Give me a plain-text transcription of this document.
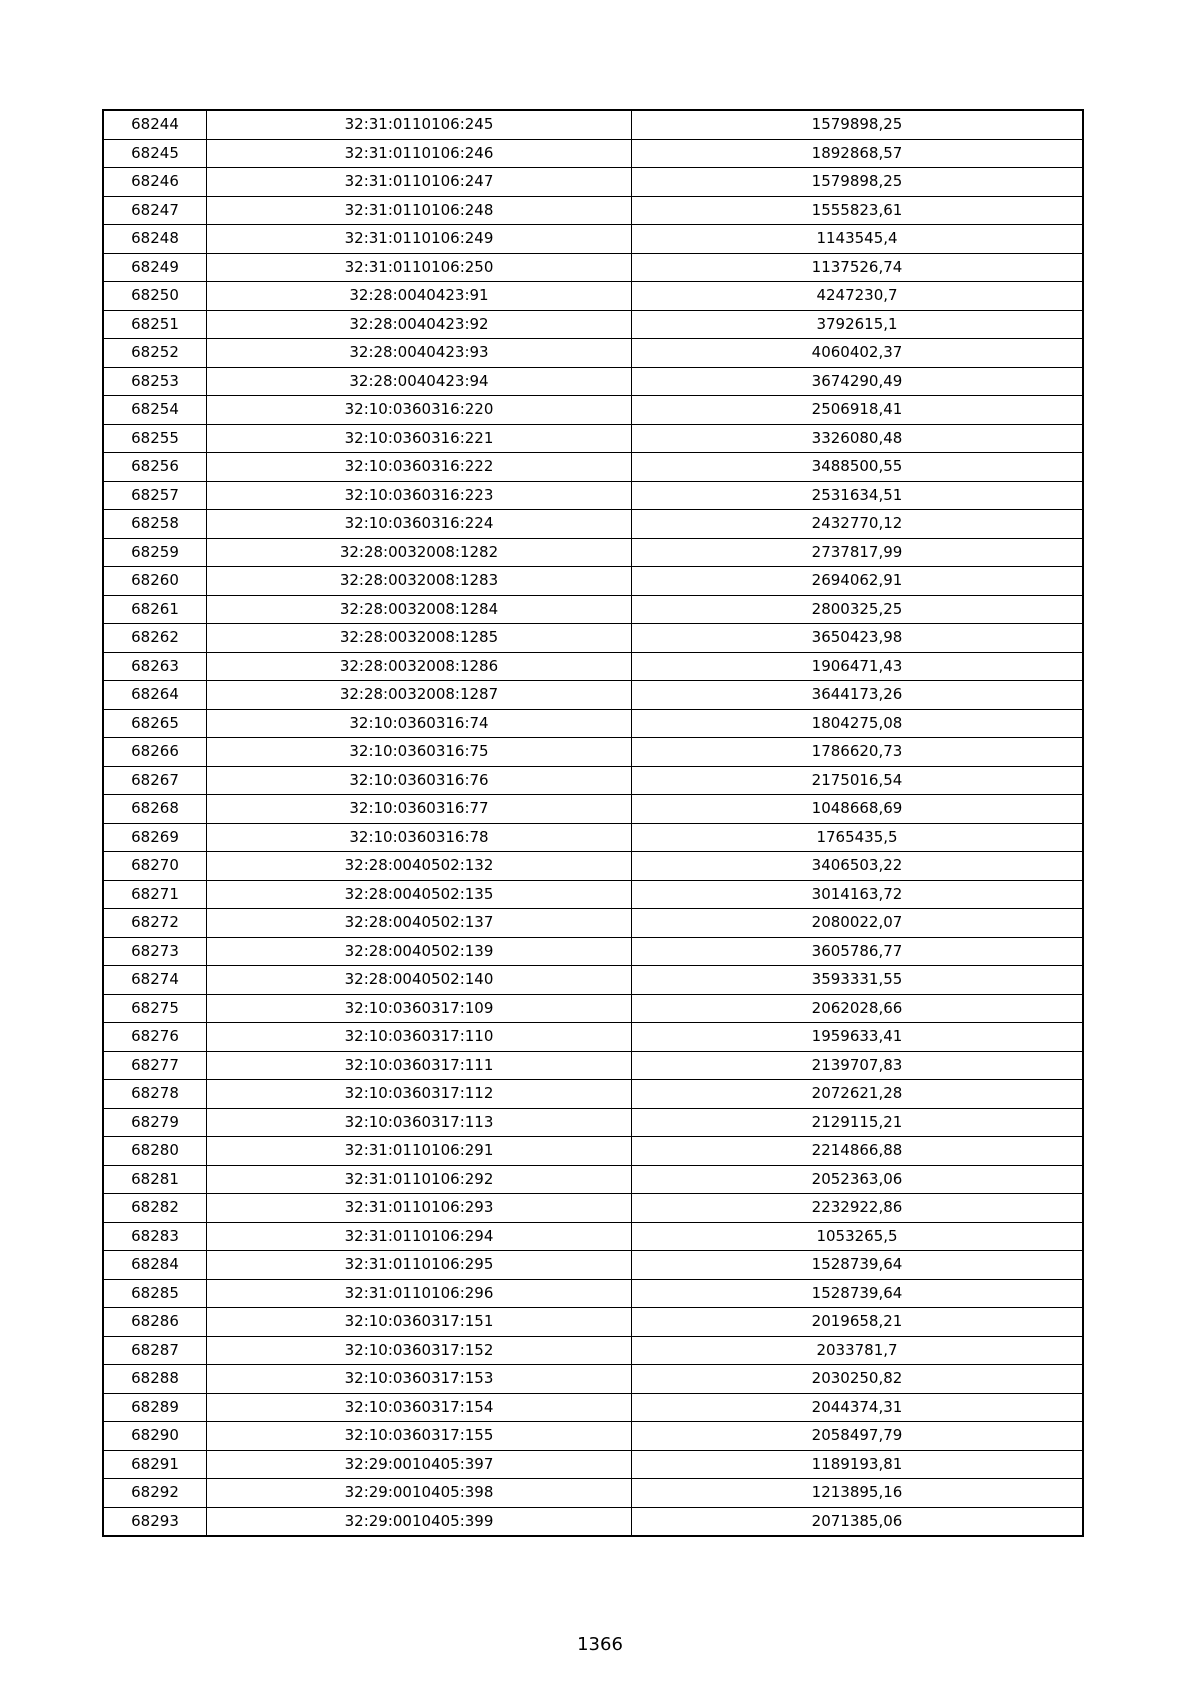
68244	32:31:0110106:245	1579898,25
68245	32:31:0110106:246	1892868,57
68246	32:31:0110106:247	1579898,25
68247	32:31:0110106:248	1555823,61
68248	32:31:0110106:249	1143545,4
68249	32:31:0110106:250	1137526,74
68250	32:28:0040423:91	4247230,7
68251	32:28:0040423:92	3792615,1
68252	32:28:0040423:93	4060402,37
68253	32:28:0040423:94	3674290,49
68254	32:10:0360316:220	2506918,41
68255	32:10:0360316:221	3326080,48
68256	32:10:0360316:222	3488500,55
68257	32:10:0360316:223	2531634,51
68258	32:10:0360316:224	2432770,12
68259	32:28:0032008:1282	2737817,99
68260	32:28:0032008:1283	2694062,91
68261	32:28:0032008:1284	2800325,25
68262	32:28:0032008:1285	3650423,98
68263	32:28:0032008:1286	1906471,43
68264	32:28:0032008:1287	3644173,26
68265	32:10:0360316:74	1804275,08
68266	32:10:0360316:75	1786620,73
68267	32:10:0360316:76	2175016,54
68268	32:10:0360316:77	1048668,69
68269	32:10:0360316:78	1765435,5
68270	32:28:0040502:132	3406503,22
68271	32:28:0040502:135	3014163,72
68272	32:28:0040502:137	2080022,07
68273	32:28:0040502:139	3605786,77
68274	32:28:0040502:140	3593331,55
68275	32:10:0360317:109	2062028,66
68276	32:10:0360317:110	1959633,41
68277	32:10:0360317:111	2139707,83
68278	32:10:0360317:112	2072621,28
68279	32:10:0360317:113	2129115,21
68280	32:31:0110106:291	2214866,88
68281	32:31:0110106:292	2052363,06
68282	32:31:0110106:293	2232922,86
68283	32:31:0110106:294	1053265,5
68284	32:31:0110106:295	1528739,64
68285	32:31:0110106:296	1528739,64
68286	32:10:0360317:151	2019658,21
68287	32:10:0360317:152	2033781,7
68288	32:10:0360317:153	2030250,82
68289	32:10:0360317:154	2044374,31
68290	32:10:0360317:155	2058497,79
68291	32:29:0010405:397	1189193,81
68292	32:29:0010405:398	1213895,16
68293	32:29:0010405:399	2071385,06
1366
